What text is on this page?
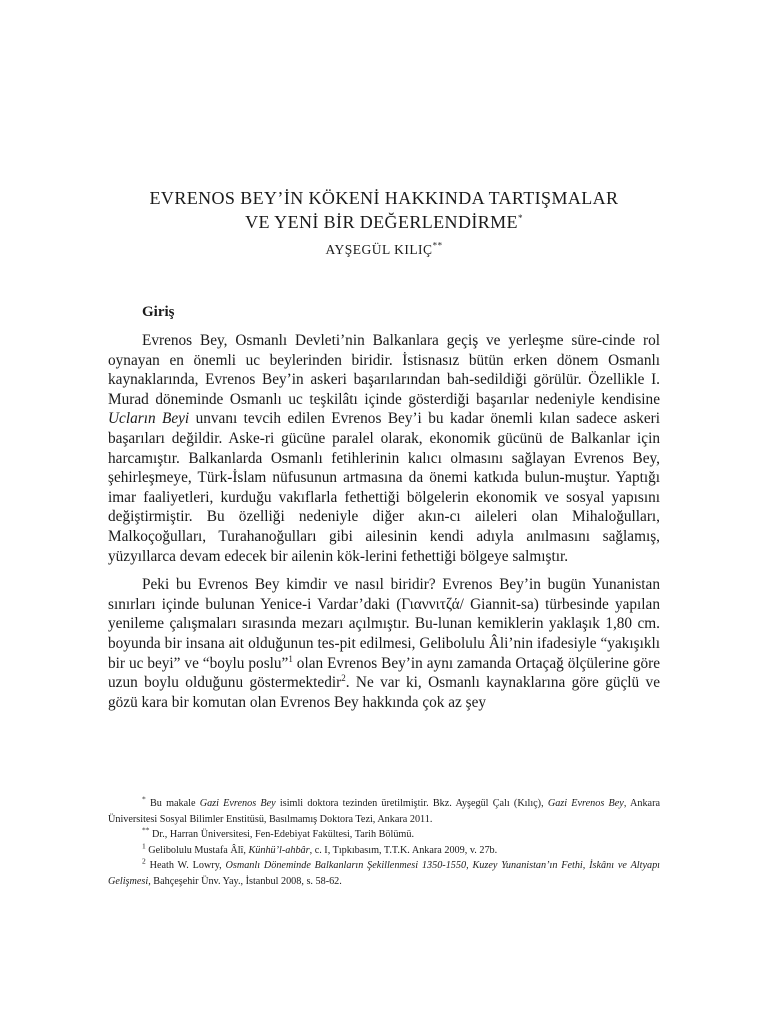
EVRENOS BEY’İN KÖKENİ HAKKINDA TARTIŞMALAR
VE YENİ BİR DEĞERLENDİRME*
AYŞEGÜL KILIÇ**
Giriş

Evrenos Bey, Osmanlı Devleti’nin Balkanlara geçiş ve yerleşme süre-cinde rol oynayan en önemli uc beylerinden biridir. İstisnasız bütün erken dönem Osmanlı kaynaklarında, Evrenos Bey’in askeri başarılarından bah-sedildiği görülür. Özellikle I. Murad döneminde Osmanlı uc teşkilâtı içinde gösterdiği başarılar nedeniyle kendisine Ucların Beyi unvanı tevcih edilen Evrenos Bey’i bu kadar önemli kılan sadece askeri başarıları değildir. Aske-ri gücüne paralel olarak, ekonomik gücünü de Balkanlar için harcamıştır. Balkanlarda Osmanlı fetihlerinin kalıcı olmasını sağlayan Evrenos Bey, şehirleşmeye, Türk-İslam nüfusunun artmasına da önemi katkıda bulun-muştur. Yaptığı imar faaliyetleri, kurduğu vakıflarla fethettiği bölgelerin ekonomik ve sosyal yapısını değiştirmiştir. Bu özelliği nedeniyle diğer akın-cı aileleri olan Mihaloğulları, Malkoçoğulları, Turahanoğulları gibi ailesinin kendi adıyla anılmasını sağlamış, yüzyıllarca devam edecek bir ailenin kök-lerini fethettiği bölgeye salmıştır.

Peki bu Evrenos Bey kimdir ve nasıl biridir? Evrenos Bey’in bugün Yunanistan sınırları içinde bulunan Yenice-i Vardar’daki (Γιαννιτζά/ Giannit-sa) türbesinde yapılan yenileme çalışmaları sırasında mezarı açılmıştır. Bu-lunan kemiklerin yaklaşık 1,80 cm. boyunda bir insana ait olduğunun tes-pit edilmesi, Gelibolulu Âli’nin ifadesiyle “yakışıklı bir uc beyi” ve “boylu poslu”$^1$ olan Evrenos Bey’in aynı zamanda Ortaçağ ölçülerine göre uzun boylu olduğunu göstermektedir$^2$. Ne var ki, Osmanlı kaynaklarına göre güçlü ve gözü kara bir komutan olan Evrenos Bey hakkında çok az şey

* Bu makale Gazi Evrenos Bey isimli doktora tezinden üretilmiştir. Bkz. Ayşegül Çalı (Kılıç), Gazi Evrenos Bey, Ankara Üniversitesi Sosyal Bilimler Enstitüsü, Basılmamış Doktora Tezi, Ankara 2011.

** Dr., Harran Üniversitesi, Fen-Edebiyat Fakültesi, Tarih Bölümü.

$^1$ Gelibolulu Mustafa Âlî, Künhü’l-ahbâr, c. I, Tıpkıbasım, T.T.K. Ankara 2009, v. 27b.

$^2$ Heath W. Lowry, Osmanlı Döneminde Balkanların Şekillenmesi 1350-1550, Kuzey Yunanistan’ın Fethi, İskânı ve Altyapı Gelişmesi, Bahçeşehir Ünv. Yay., İstanbul 2008, s. 58-62.
